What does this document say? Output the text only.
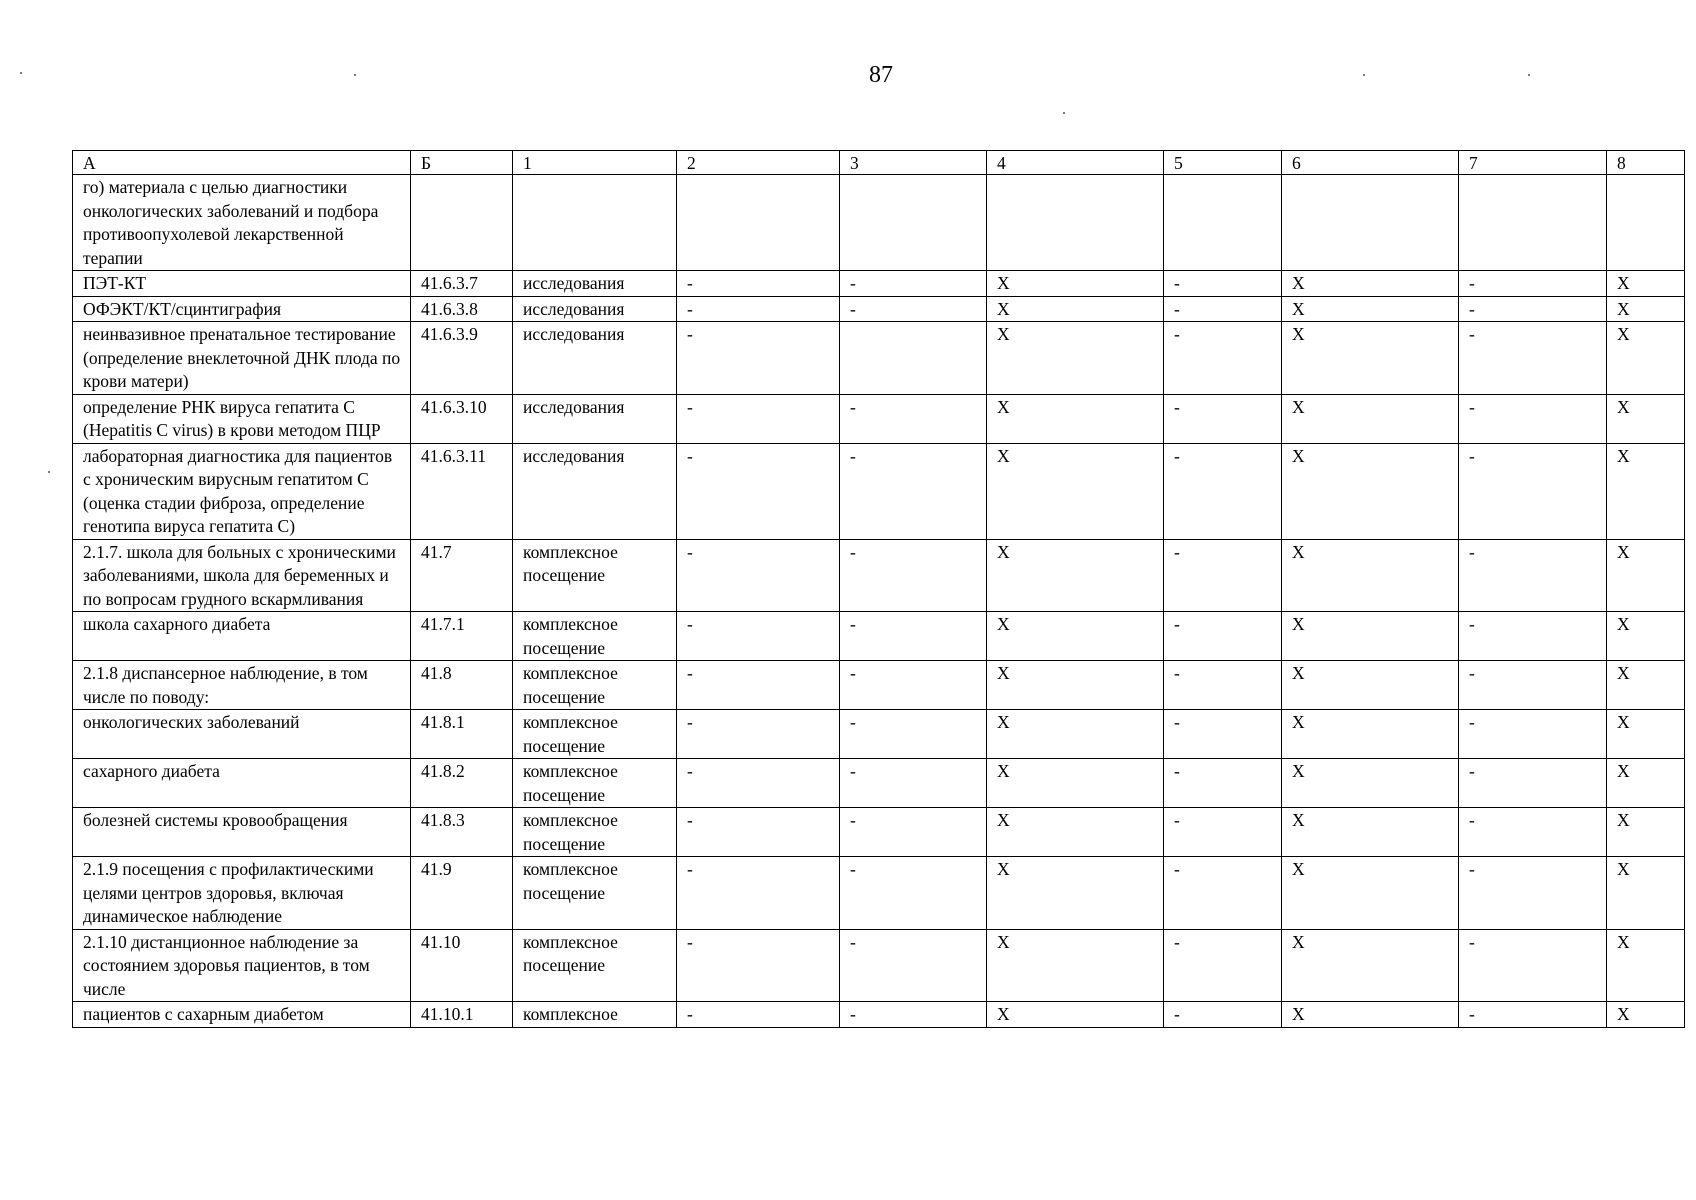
87
А	Б	1	2	3	4	5	6	7	8
го) материала с целью диагностики онкологических заболеваний и подбора противоопухолевой лекарственной терапии									
ПЭТ-КТ	41.6.3.7	исследования	-	-	X	-	X	-	X
ОФЭКТ/КТ/сцинтиграфия	41.6.3.8	исследования	-	-	X	-	X	-	X
неинвазивное пренатальное тестирование (определение внеклеточной ДНК плода по крови матери)	41.6.3.9	исследования	-		X	-	X	-	X
определение РНК вируса гепатита С (Hepatitis C virus) в крови методом ПЦР	41.6.3.10	исследования	-	-	X	-	X	-	X
лабораторная диагностика для пациентов с хроническим вирусным гепатитом С (оценка стадии фиброза, определение генотипа вируса гепатита С)	41.6.3.11	исследования	-	-	X	-	X	-	X
2.1.7. школа для больных с хроническими заболеваниями, школа для беременных и по вопросам грудного вскармливания	41.7	комплексное посещение	-	-	X	-	X	-	X
школа сахарного диабета	41.7.1	комплексное посещение	-	-	X	-	X	-	X
2.1.8 диспансерное наблюдение, в том числе по поводу:	41.8	комплексное посещение	-	-	X	-	X	-	X
онкологических заболеваний	41.8.1	комплексное посещение	-	-	X	-	X	-	X
сахарного диабета	41.8.2	комплексное посещение	-	-	X	-	X	-	X
болезней системы кровообращения	41.8.3	комплексное посещение	-	-	X	-	X	-	X
2.1.9 посещения с профилактическими целями центров здоровья, включая динамическое наблюдение	41.9	комплексное посещение	-	-	X	-	X	-	X
2.1.10 дистанционное наблюдение за состоянием здоровья пациентов, в том числе	41.10	комплексное посещение	-	-	X	-	X	-	X
пациентов с сахарным диабетом	41.10.1	комплексное	-	-	X	-	X	-	X
